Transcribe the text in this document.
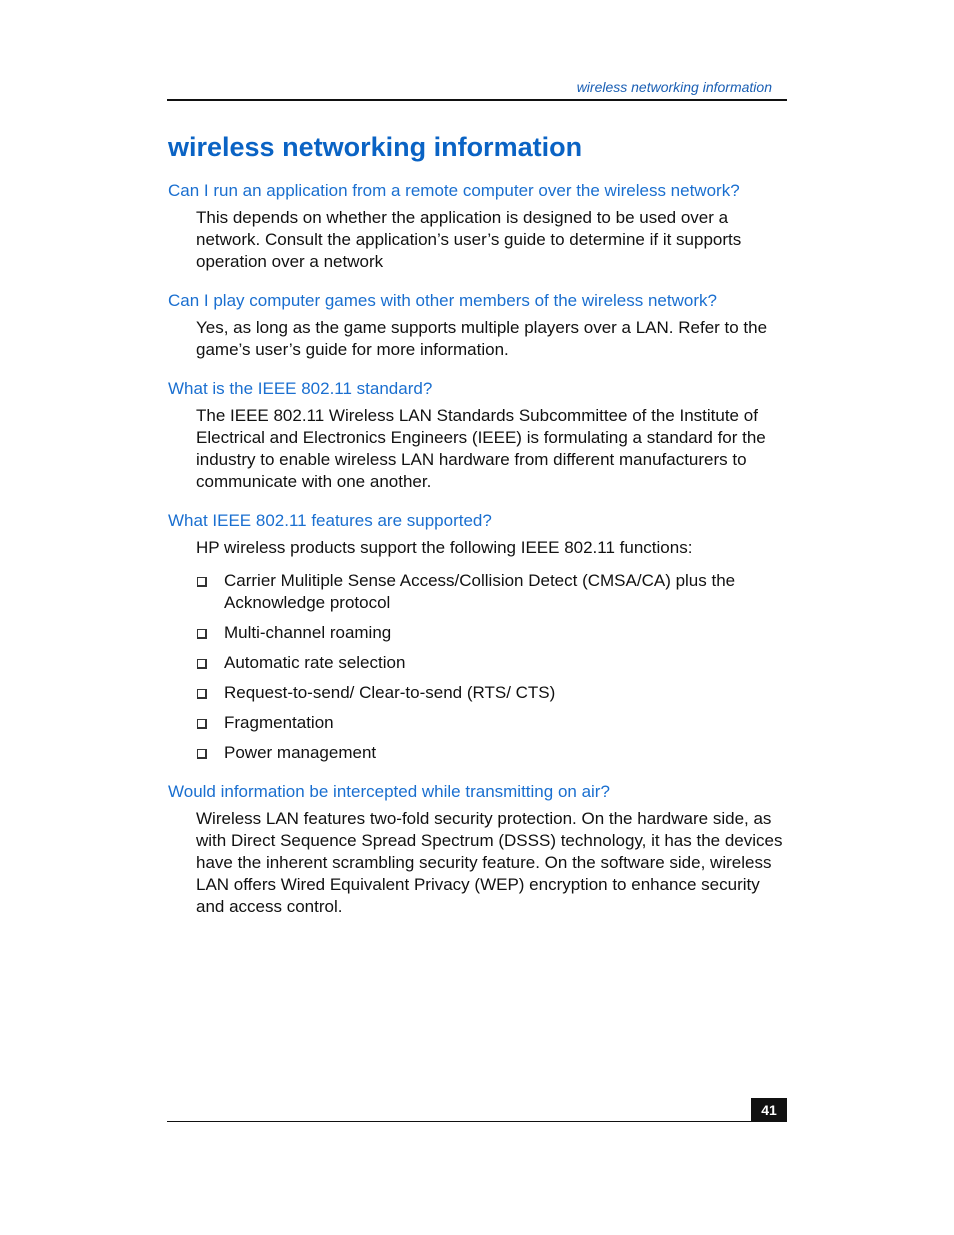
wireless networking information
wireless networking information

Can I run an application from a remote computer over the wireless network?

This depends on whether the application is designed to be used over a network. Consult the application’s user’s guide to determine if it supports operation over a network

Can I play computer games with other members of the wireless network?

Yes, as long as the game supports multiple players over a LAN. Refer to the game’s user’s guide for more information.

What is the IEEE 802.11 standard?

The IEEE 802.11 Wireless LAN Standards Subcommittee of the Institute of Electrical and Electronics Engineers (IEEE) is formulating a standard for the industry to enable wireless LAN hardware from different manufacturers to communicate with one another.

What IEEE 802.11 features are supported?

HP wireless products support the following IEEE 802.11 functions:

Carrier Mulitiple Sense Access/Collision Detect (CMSA/CA) plus the Acknowledge protocol
Multi-channel roaming
Automatic rate selection
Request-to-send/ Clear-to-send (RTS/ CTS)
Fragmentation
Power management

Would information be intercepted while transmitting on air?

Wireless LAN features two-fold security protection. On the hardware side, as with Direct Sequence Spread Spectrum (DSSS) technology, it has the devices have the inherent scrambling security feature. On the software side, wireless LAN offers Wired Equivalent Privacy (WEP) encryption to enhance security and access control.

41
